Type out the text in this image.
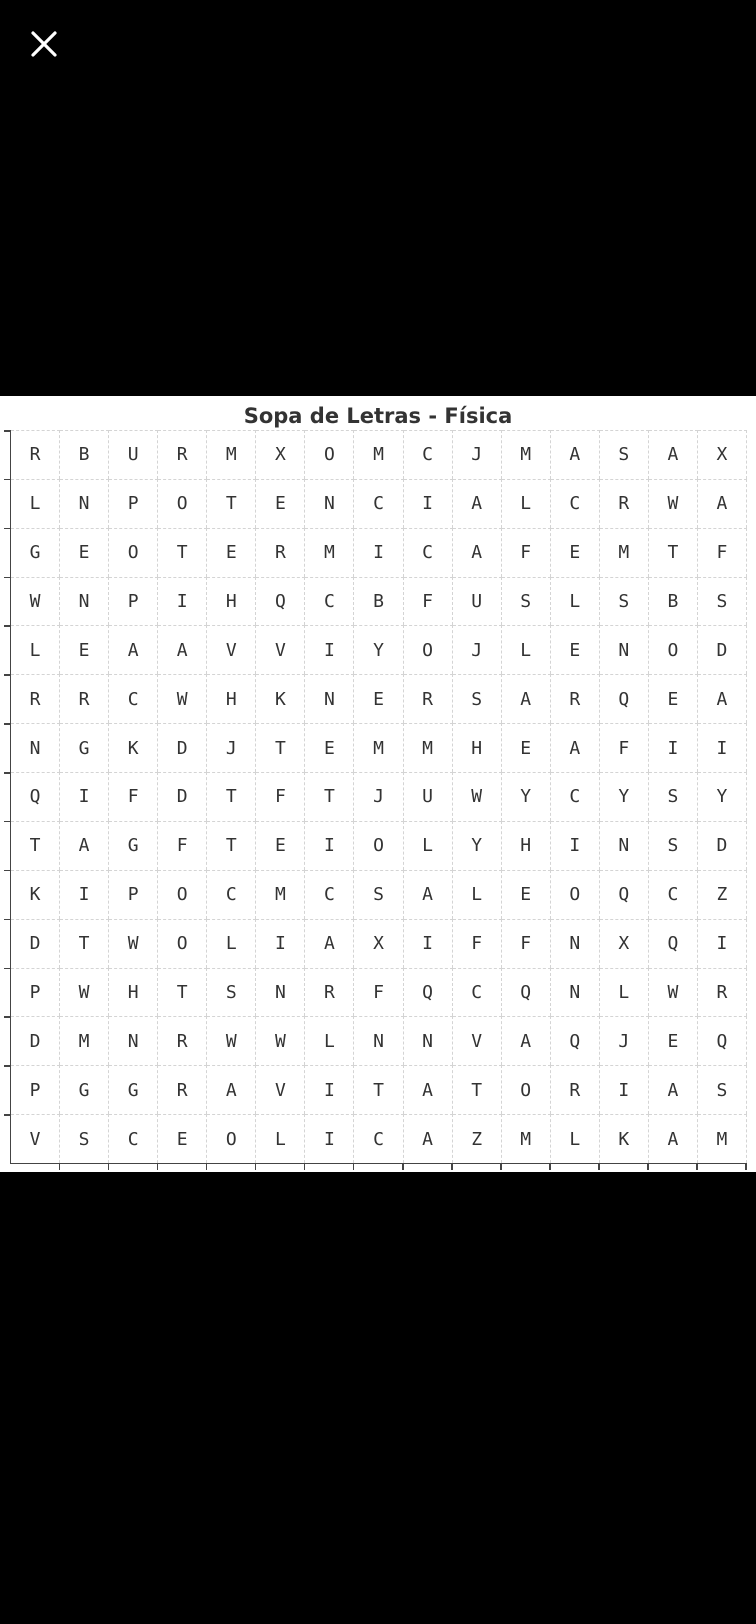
Sopa de Letras - Física
R	B	U	R	M	X	O	M	C	J	M	A	S	A	X
L	N	P	O	T	E	N	C	I	A	L	C	R	W	A
G	E	O	T	E	R	M	I	C	A	F	E	M	T	F
W	N	P	I	H	Q	C	B	F	U	S	L	S	B	S
L	E	A	A	V	V	I	Y	O	J	L	E	N	O	D
R	R	C	W	H	K	N	E	R	S	A	R	Q	E	A
N	G	K	D	J	T	E	M	M	H	E	A	F	I	I
Q	I	F	D	T	F	T	J	U	W	Y	C	Y	S	Y
T	A	G	F	T	E	I	O	L	Y	H	I	N	S	D
K	I	P	O	C	M	C	S	A	L	E	O	Q	C	Z
D	T	W	O	L	I	A	X	I	F	F	N	X	Q	I
P	W	H	T	S	N	R	F	Q	C	Q	N	L	W	R
D	M	N	R	W	W	L	N	N	V	A	Q	J	E	Q
P	G	G	R	A	V	I	T	A	T	O	R	I	A	S
V	S	C	E	O	L	I	C	A	Z	M	L	K	A	M
